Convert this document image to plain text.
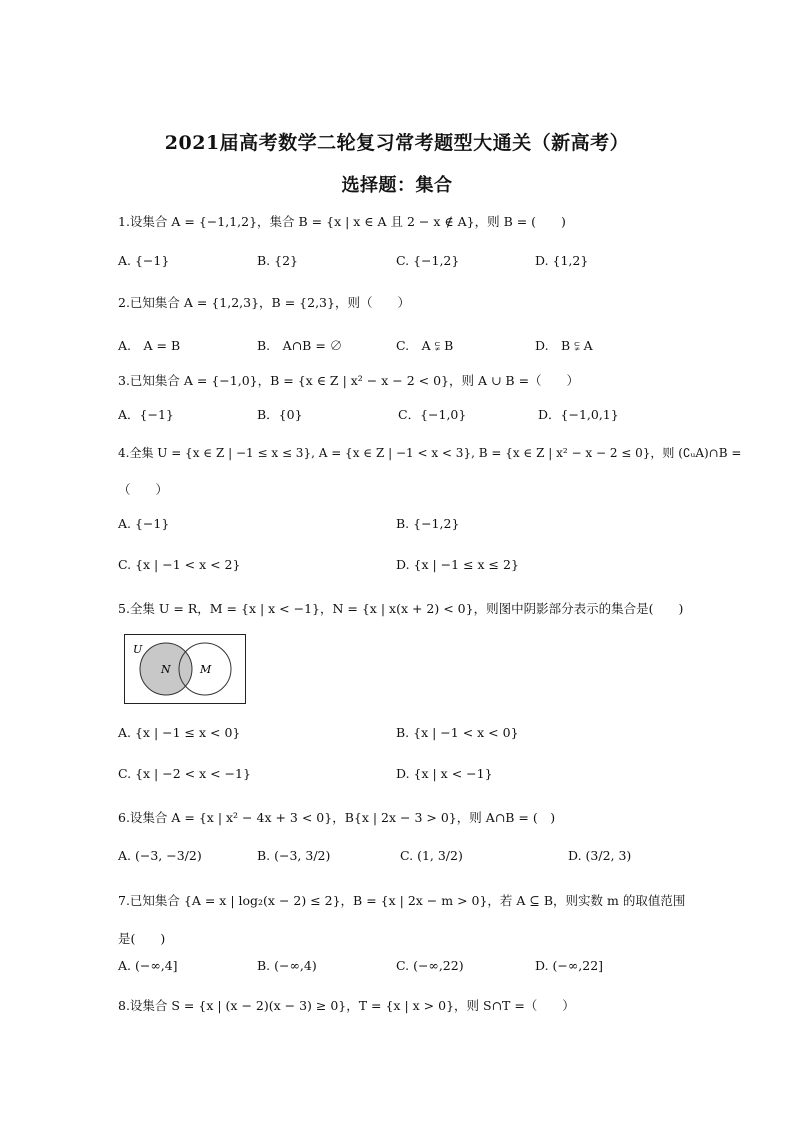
2021届高考数学二轮复习常考题型大通关（新高考）
选择题：集合
1.设集合 A = {−1,1,2}，集合 B = {x | x ∈ A 且 2 − x ∉ A}，则 B = (　　)
A. {−1}	B. {2}	C. {−1,2}	D. {1,2}
2.已知集合 A = {1,2,3}，B = {2,3}，则（　　）
A.　A = B	B.　A∩B = ∅	C.　A ⫋ B	D.　B ⫋ A
3.已知集合 A = {−1,0}，B = {x ∈ Z | x² − x − 2 < 0}，则 A ∪ B =（　　）
A．{−1}	B．{0}	C．{−1,0}	D．{−1,0,1}
4.全集 U = {x ∈ Z | −1 ≤ x ≤ 3}, A = {x ∈ Z | −1 < x < 3}, B = {x ∈ Z | x² − x − 2 ≤ 0}，则 (∁ᵤA)∩B =
（　　）
A. {−1}	B. {−1,2}
C. {x | −1 < x < 2}	D. {x | −1 ≤ x ≤ 2}
5.全集 U = R，M = {x | x < −1}，N = {x | x(x + 2) < 0}，则图中阴影部分表示的集合是(　　)
U
N	M
A. {x | −1 ≤ x < 0}	B. {x | −1 < x < 0}
C. {x | −2 < x < −1}	D. {x | x < −1}
6.设集合 A = {x | x² − 4x + 3 < 0}，B{x | 2x − 3 > 0}，则 A∩B = (　)
A. (−3, −3/2)	B. (−3, 3/2)	C. (1, 3/2)	D. (3/2, 3)
7.已知集合 {A = x | log₂(x − 2) ≤ 2}，B = {x | 2x − m > 0}，若 A ⊆ B，则实数 m 的取值范围
是(　　)
A. (−∞,4]	B. (−∞,4)	C. (−∞,22)	D. (−∞,22]
8.设集合 S = {x | (x − 2)(x − 3) ≥ 0}，T = {x | x > 0}，则 S∩T =（　　）
